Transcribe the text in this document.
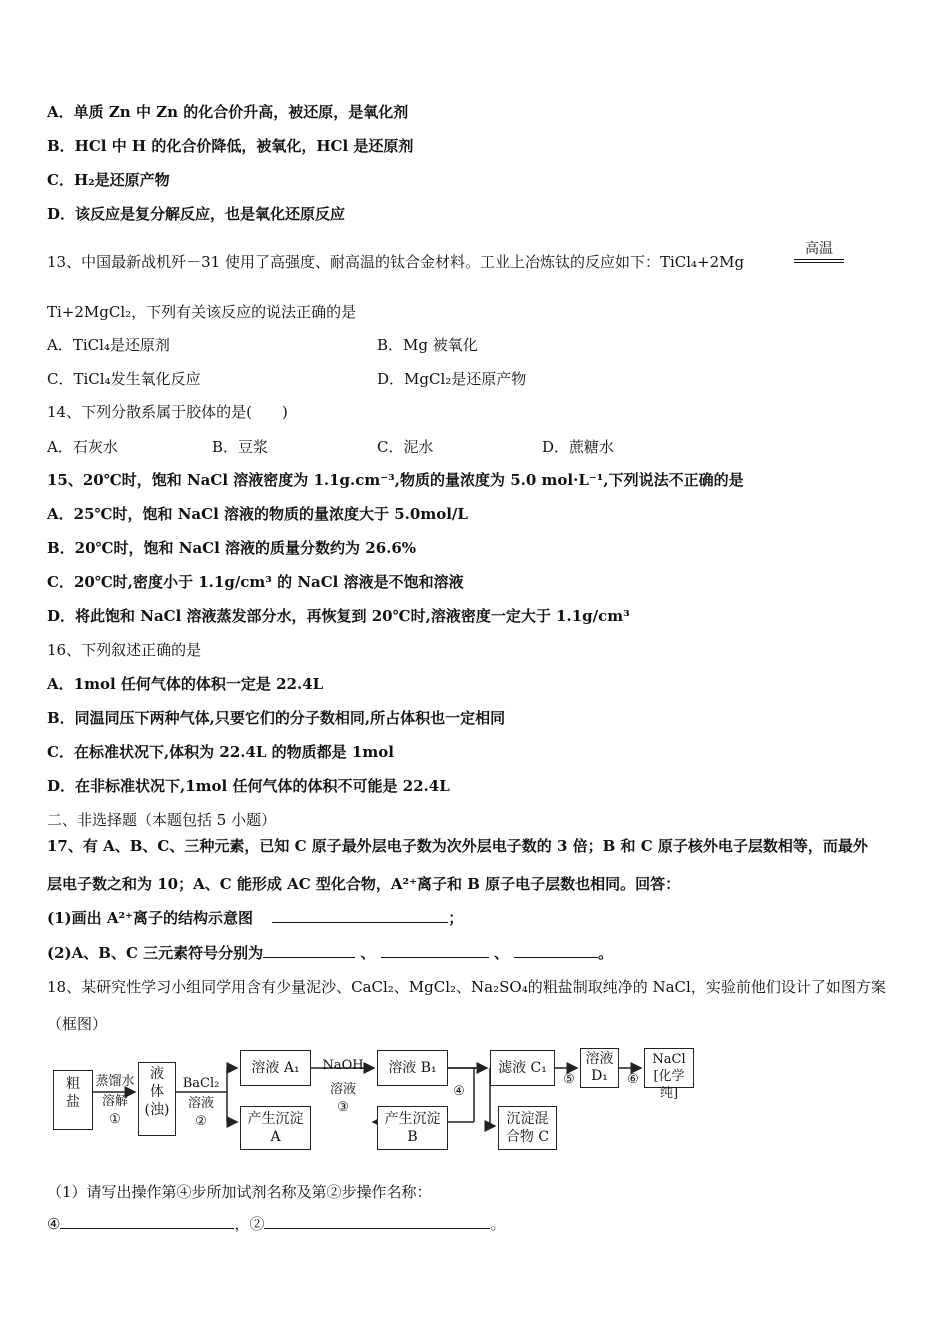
A．单质 Zn 中 Zn 的化合价升高，被还原，是氧化剂
B．HCl 中 H 的化合价降低，被氧化，HCl 是还原剂
C．H₂是还原产物
D．该反应是复分解反应，也是氧化还原反应
13、中国最新战机歼－31 使用了高强度、耐高温的钛合金材料。工业上冶炼钛的反应如下：TiCl₄+2Mg
高温
Ti+2MgCl₂，下列有关该反应的说法正确的是
A．TiCl₄是还原剂	B．Mg 被氧化
C．TiCl₄发生氧化反应	D．MgCl₂是还原产物
14、下列分散系属于胶体的是(　　)
A．石灰水	B．豆浆	C．泥水	D．蔗糖水
15、20℃时，饱和 NaCl 溶液密度为 1.1g.cm⁻³,物质的量浓度为 5.0 mol·L⁻¹,下列说法不正确的是
A．25℃时，饱和 NaCl 溶液的物质的量浓度大于 5.0mol/L
B．20℃时，饱和 NaCl 溶液的质量分数约为 26.6%
C．20℃时,密度小于 1.1g/cm³ 的 NaCl 溶液是不饱和溶液
D．将此饱和 NaCl 溶液蒸发部分水，再恢复到 20℃时,溶液密度一定大于 1.1g/cm³
16、下列叙述正确的是
A．1mol 任何气体的体积一定是 22.4L
B．同温同压下两种气体,只要它们的分子数相同,所占体积也一定相同
C．在标准状况下,体积为 22.4L 的物质都是 1mol
D．在非标准状况下,1mol 任何气体的体积不可能是 22.4L
二、非选择题（本题包括 5 小题）
17、有 A、B、C、三种元素，已知 C 原子最外层电子数为次外层电子数的 3 倍；B 和 C 原子核外电子层数相等，而最外
层电子数之和为 10；A、C 能形成 AC 型化合物，A²⁺离子和 B 原子电子层数也相同。回答：
(1)画出 A²⁺离子的结构示意图	；
(2)A、B、C 三元素符号分别为	、	、	。
18、某研究性学习小组同学用含有少量泥沙、CaCl₂、MgCl₂、Na₂SO₄的粗盐制取纯净的 NaCl，实验前他们设计了如图方案
（框图）
粗
盐
蒸馏水
溶解
①
液
体
(浊)
BaCl₂
溶液
②
溶液 A₁
产生沉淀
A
NaOH
溶液
③
溶液 B₁
产生沉淀
B
④
滤液 C₁
沉淀混
合物 C
⑤
溶液
D₁	⑥
NaCl
[化学纯]
（1）请写出操作第④步所加试剂名称及第②步操作名称：
④	，②	。
